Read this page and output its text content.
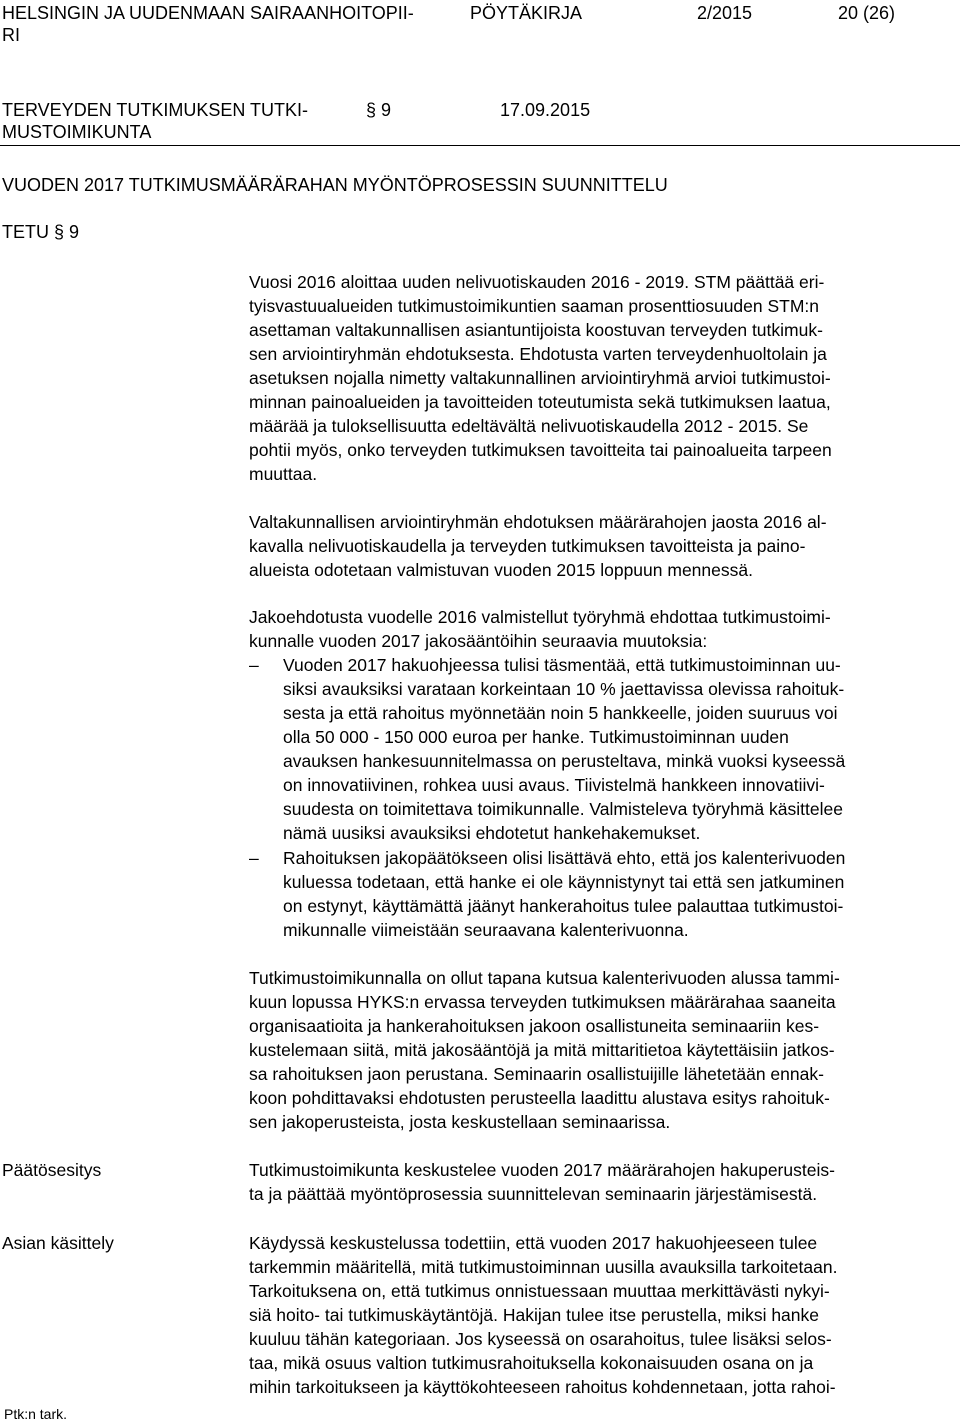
HELSINGIN JA UUDENMAAN SAIRAANHOITOPII-
RI
PÖYTÄKIRJA	2/2015	20 (26)
TERVEYDEN TUTKIMUKSEN TUTKI-
MUSTOIMIKUNTA
§ 9	17.09.2015
VUODEN 2017 TUTKIMUSMÄÄRÄRAHAN MYÖNTÖPROSESSIN SUUNNITTELU
TETU § 9
Vuosi 2016 aloittaa uuden nelivuotiskauden 2016 - 2019. STM päättää eri-
tyisvastuualueiden tutkimustoimikuntien saaman prosenttiosuuden STM:n
asettaman valtakunnallisen asiantuntijoista koostuvan terveyden tutkimuk-
sen arviointiryhmän ehdotuksesta. Ehdotusta varten terveydenhuoltolain ja
asetuksen nojalla nimetty valtakunnallinen arviointiryhmä arvioi tutkimustoi-
minnan painoalueiden ja tavoitteiden toteutumista sekä tutkimuksen laatua,
määrää ja tuloksellisuutta edeltävältä nelivuotiskaudella 2012 - 2015. Se
pohtii myös, onko terveyden tutkimuksen tavoitteita tai painoalueita tarpeen
muuttaa.
Valtakunnallisen arviointiryhmän ehdotuksen määrärahojen jaosta 2016 al-
kavalla nelivuotiskaudella ja terveyden tutkimuksen tavoitteista ja paino-
alueista odotetaan valmistuvan vuoden 2015 loppuun mennessä.
Jakoehdotusta vuodelle 2016 valmistellut työryhmä ehdottaa tutkimustoimi-
kunnalle vuoden 2017 jakosääntöihin seuraavia muutoksia:
– Vuoden 2017 hakuohjeessa tulisi täsmentää, että tutkimustoiminnan uu-
siksi avauksiksi varataan korkeintaan 10 % jaettavissa olevissa rahoituk-
sesta ja että rahoitus myönnetään noin 5 hankkeelle, joiden suuruus voi
olla 50 000 - 150 000 euroa per hanke. Tutkimustoiminnan uuden
avauksen hankesuunnitelmassa on perusteltava, minkä vuoksi kyseessä
on innovatiivinen, rohkea uusi avaus. Tiivistelmä hankkeen innovatiivi-
suudesta on toimitettava toimikunnalle. Valmisteleva työryhmä käsittelee
nämä uusiksi avauksiksi ehdotetut hankehakemukset.
– Rahoituksen jakopäätökseen olisi lisättävä ehto, että jos kalenterivuoden
kuluessa todetaan, että hanke ei ole käynnistynyt tai että sen jatkuminen
on estynyt, käyttämättä jäänyt hankerahoitus tulee palauttaa tutkimustoi-
mikunnalle viimeistään seuraavana kalenterivuonna.
Tutkimustoimikunnalla on ollut tapana kutsua kalenterivuoden alussa tammi-
kuun lopussa HYKS:n ervassa terveyden tutkimuksen määrärahaa saaneita
organisaatioita ja hankerahoituksen jakoon osallistuneita seminaariin kes-
kustelemaan siitä, mitä jakosääntöjä ja mitä mittaritietoa käytettäisiin jatkos-
sa rahoituksen jaon perustana. Seminaarin osallistuijille lähetetään ennak-
koon pohdittavaksi ehdotusten perusteella laadittu alustava esitys rahoituk-
sen jakoperusteista, josta keskustellaan seminaarissa.
Päätösesitys	Tutkimustoimikunta keskustelee vuoden 2017 määrärahojen hakuperustеis-
ta ja päättää myöntöprosessia suunnittelevan seminaarin järjestämisestä.
Asian käsittely	Käydyssä keskustelussa todettiin, että vuoden 2017 hakuohjeeseen tulee
tarkemmin määritellä, mitä tutkimustoiminnan uusilla avauksilla tarkoitetaan.
Tarkoituksena on, että tutkimus onnistuessaan muuttaa merkittävästi nykyi-
siä hoito- tai tutkimuskäytäntöjä. Hakijan tulee itse perustella, miksi hanke
kuuluu tähän kategoriaan. Jos kyseessä on osarahoitus, tulee lisäksi selos-
taa, mikä osuus valtion tutkimusrahoituksella kokonaisuuden osana on ja
mihin tarkoitukseen ja käyttökohteeseen rahoitus kohdennetaan, jotta rahoi-
Ptk:n tark.
